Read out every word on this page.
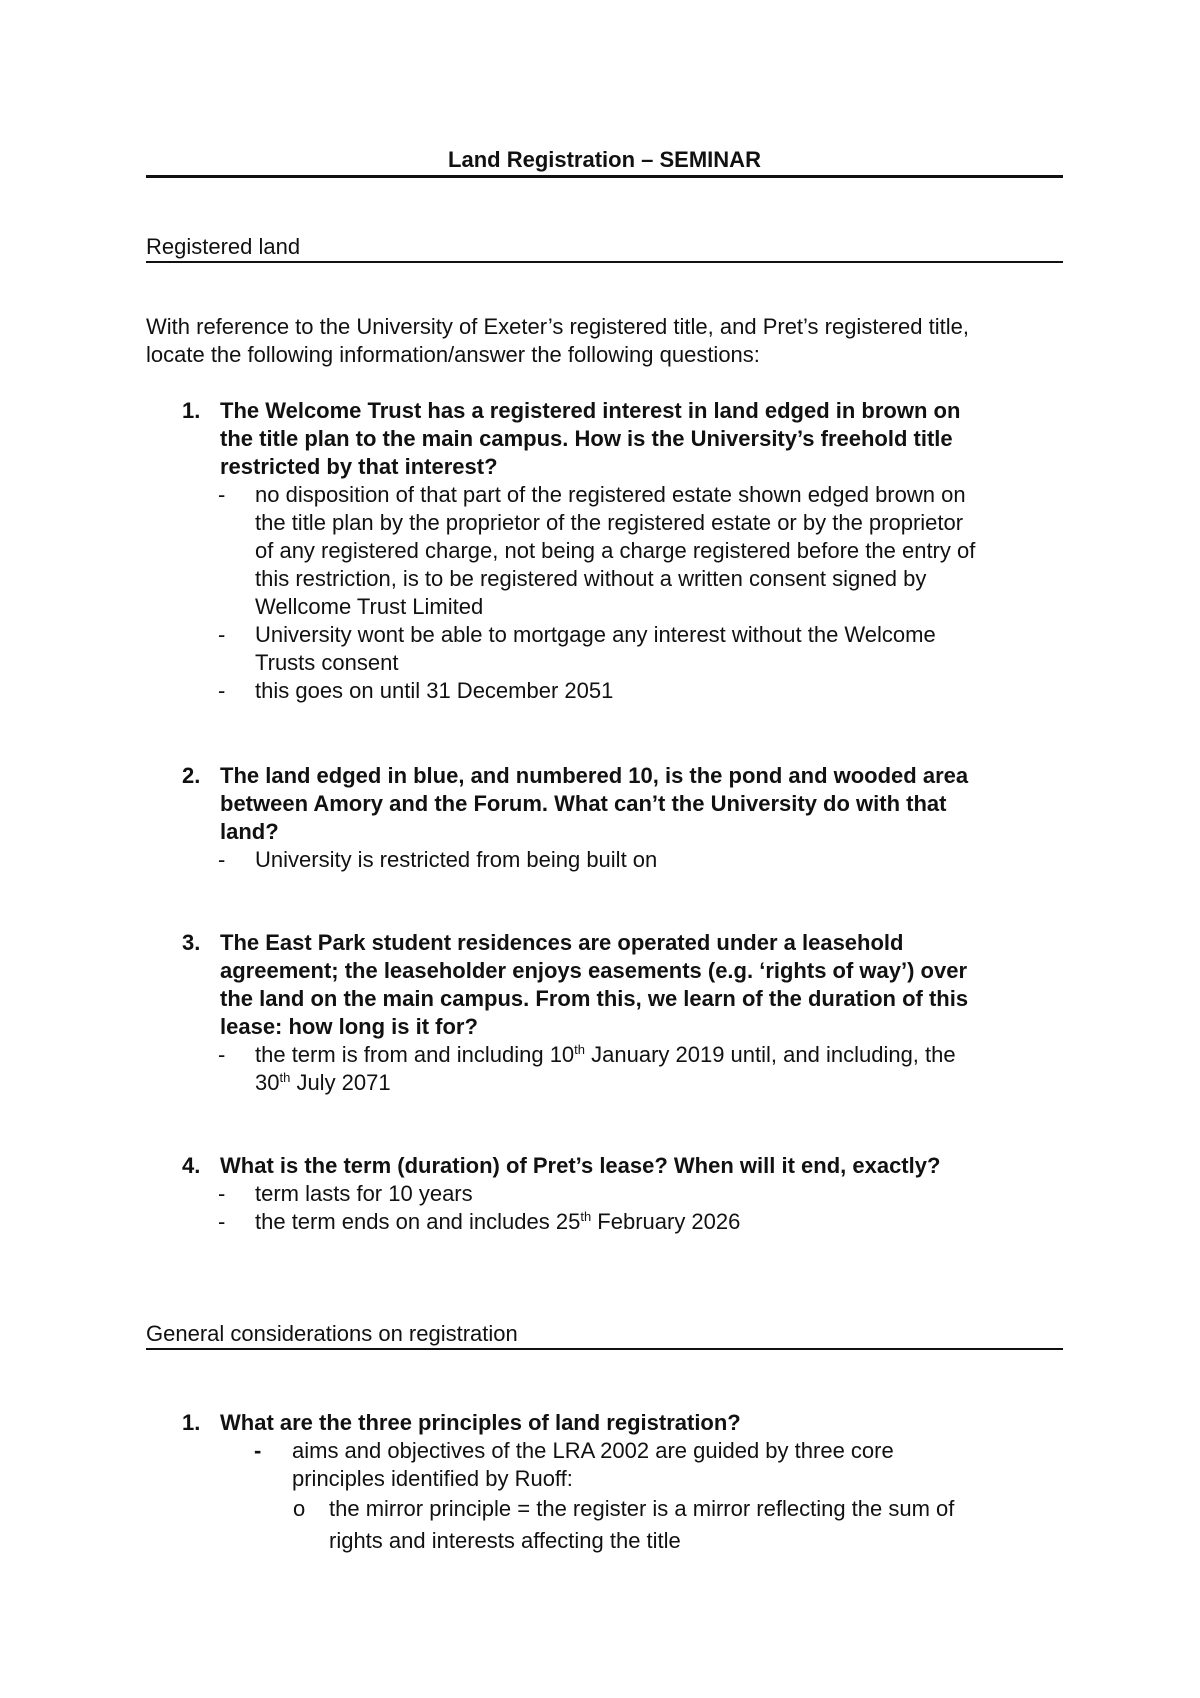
Land Registration – SEMINAR
Registered land
With reference to the University of Exeter’s registered title, and Pret’s registered title,
locate the following information/answer the following questions:
1. The Welcome Trust has a registered interest in land edged in brown on
the title plan to the main campus. How is the University’s freehold title
restricted by that interest?
- no disposition of that part of the registered estate shown edged brown on
the title plan by the proprietor of the registered estate or by the proprietor
of any registered charge, not being a charge registered before the entry of
this restriction, is to be registered without a written consent signed by
Wellcome Trust Limited
- University wont be able to mortgage any interest without the Welcome
Trusts consent
- this goes on until 31 December 2051
2. The land edged in blue, and numbered 10, is the pond and wooded area
between Amory and the Forum. What can’t the University do with that
land?
- University is restricted from being built on
3. The East Park student residences are operated under a leasehold
agreement; the leaseholder enjoys easements (e.g. ‘rights of way’) over
the land on the main campus. From this, we learn of the duration of this
lease: how long is it for?
- the term is from and including 10th January 2019 until, and including, the
30th July 2071
4. What is the term (duration) of Pret’s lease? When will it end, exactly?
- term lasts for 10 years
- the term ends on and includes 25th February 2026
General considerations on registration
1. What are the three principles of land registration?
- aims and objectives of the LRA 2002 are guided by three core
principles identified by Ruoff:
o the mirror principle = the register is a mirror reflecting the sum of
rights and interests affecting the title
